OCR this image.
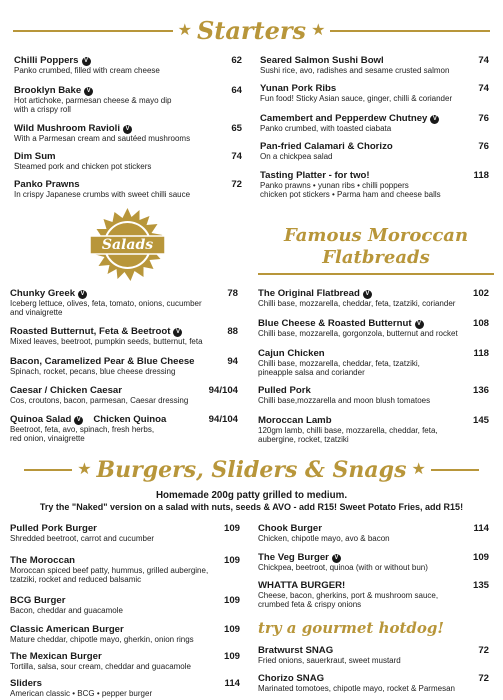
★ Starters ★
Chilli Poppers V
Panko crumbed, filled with cream cheese
62
Brooklyn Bake V
Hot artichoke, parmesan cheese & mayo dip
with a crispy roll
64
Wild Mushroom Ravioli V
With a Parmesan cream and sautéed mushrooms
65
Dim Sum
Steamed pork and chicken pot stickers
74
Panko Prawns
In crispy Japanese crumbs with sweet chilli sauce
72
Seared Salmon Sushi Bowl
Sushi rice, avo, radishes and sesame crusted salmon
74
Yunan Pork Ribs
Fun food! Sticky Asian sauce, ginger, chilli & coriander
74
Camembert and Pepperdew Chutney V
Panko crumbed, with toasted ciabata
76
Pan-fried Calamari & Chorizo
On a chickpea salad
76
Tasting Platter - for two!
Panko prawns • yunan ribs • chilli poppers
chicken pot stickers • Parma ham and cheese balls
118
Salads
Chunky Greek V
Iceberg lettuce, olives, feta, tomato, onions, cucumber
and vinaigrette
78
Roasted Butternut, Feta & Beetroot V
Mixed leaves, beetroot, pumpkin seeds, butternut, feta
88
Bacon, Caramelized Pear & Blue Cheese
Spinach, rocket, pecans, blue cheese dressing
94
Caesar / Chicken Caesar
Cos, croutons, bacon, parmesan, Caesar dressing
94/104
Quinoa Salad V Chicken Quinoa
Beetroot, feta, avo, spinach, fresh herbs,
red onion, vinaigrette
94/104
Famous Moroccan
Flatbreads
The Original Flatbread V
Chilli base, mozzarella, cheddar, feta, tzatziki, coriander
102
Blue Cheese & Roasted Butternut V
Chilli base, mozzarella, gorgonzola, butternut and rocket
108
Cajun Chicken
Chilli base, mozzarella, cheddar, feta, tzatziki,
pineapple salsa and coriander
118
Pulled Pork
Chilli base,mozzarella and moon blush tomatoes
136
Moroccan Lamb
120gm lamb, chilli base, mozzarella, cheddar, feta,
aubergine, rocket, tzatziki
145
★ Burgers, Sliders & Snags ★
Homemade 200g patty grilled to medium.
Try the "Naked" version on a salad with nuts, seeds & AVO - add R15! Sweet Potato Fries, add R15!
Pulled Pork Burger
Shredded beetroot, carrot and cucumber
109
The Moroccan
Moroccan spiced beef patty, hummus, grilled aubergine,
tzatziki, rocket and reduced balsamic
109
BCG Burger
Bacon, cheddar and guacamole
109
Classic American Burger
Mature cheddar, chipotle mayo, gherkin, onion rings
109
The Mexican Burger
Tortilla, salsa, sour cream, cheddar and guacamole
109
Sliders
American classic • BCG • pepper burger
114
Chook Burger
Chicken, chipotle mayo, avo & bacon
114
The Veg Burger V
Chickpea, beetroot, quinoa (with or without bun)
109
WHATTA BURGER!
Cheese, bacon, gherkins, port & mushroom sauce,
crumbed feta & crispy onions
135
try a gourmet hotdog!
Bratwurst SNAG
Fried onions, sauerkraut, sweet mustard
72
Chorizo SNAG
Marinated tomotoes, chipotle mayo, rocket & Parmesan
72
